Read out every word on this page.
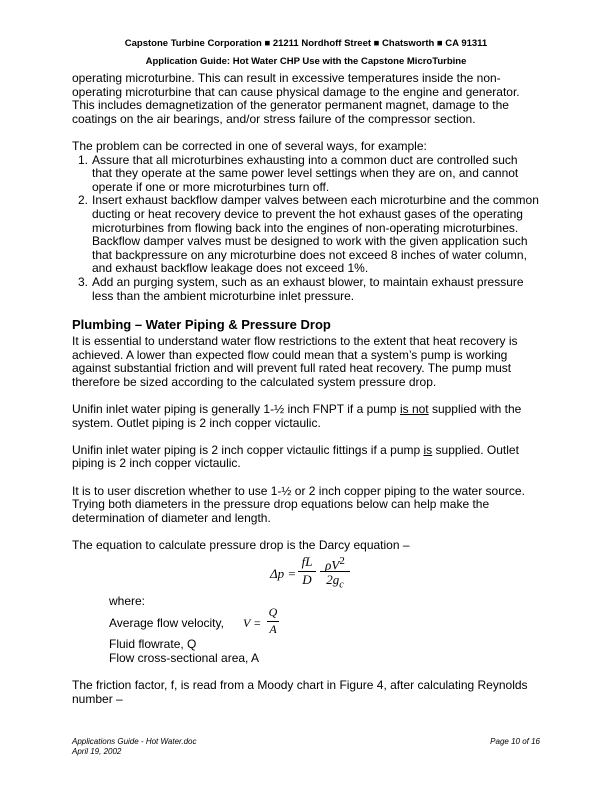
Capstone Turbine Corporation ■ 21211 Nordhoff Street ■ Chatsworth ■ CA 91311
Application Guide: Hot Water CHP Use with the Capstone MicroTurbine

operating microturbine. This can result in excessive temperatures inside the non-operating microturbine that can cause physical damage to the engine and generator. This includes demagnetization of the generator permanent magnet, damage to the coatings on the air bearings, and/or stress failure of the compressor section.

The problem can be corrected in one of several ways, for example:

1. Assure that all microturbines exhausting into a common duct are controlled such that they operate at the same power level settings when they are on, and cannot operate if one or more microturbines turn off.
2. Insert exhaust backflow damper valves between each microturbine and the common ducting or heat recovery device to prevent the hot exhaust gases of the operating microturbines from flowing back into the engines of non-operating microturbines. Backflow damper valves must be designed to work with the given application such that backpressure on any microturbine does not exceed 8 inches of water column, and exhaust backflow leakage does not exceed 1%.
3. Add an purging system, such as an exhaust blower, to maintain exhaust pressure less than the ambient microturbine inlet pressure.
Plumbing – Water Piping & Pressure Drop

It is essential to understand water flow restrictions to the extent that heat recovery is achieved. A lower than expected flow could mean that a system’s pump is working against substantial friction and will prevent full rated heat recovery. The pump must therefore be sized according to the calculated system pressure drop.

Unifin inlet water piping is generally 1-½ inch FNPT if a pump is not supplied with the system. Outlet piping is 2 inch copper victaulic.

Unifin inlet water piping is 2 inch copper victaulic fittings if a pump is supplied. Outlet piping is 2 inch copper victaulic.

It is to user discretion whether to use 1-½ or 2 inch copper piping to the water source. Trying both diameters in the pressure drop equations below can help make the determination of diameter and length.

The equation to calculate pressure drop is the Darcy equation –

Δp =
fL
D
$\rho V^2$
$2g_c$

where:

Average flow velocity, V =
Q
A

Fluid flowrate, Q

Flow cross-sectional area, A

The friction factor, f, is read from a Moody chart in Figure 4, after calculating Reynolds number –

Applications Guide - Hot Water.doc
April 19, 2002
Page 10 of 16
